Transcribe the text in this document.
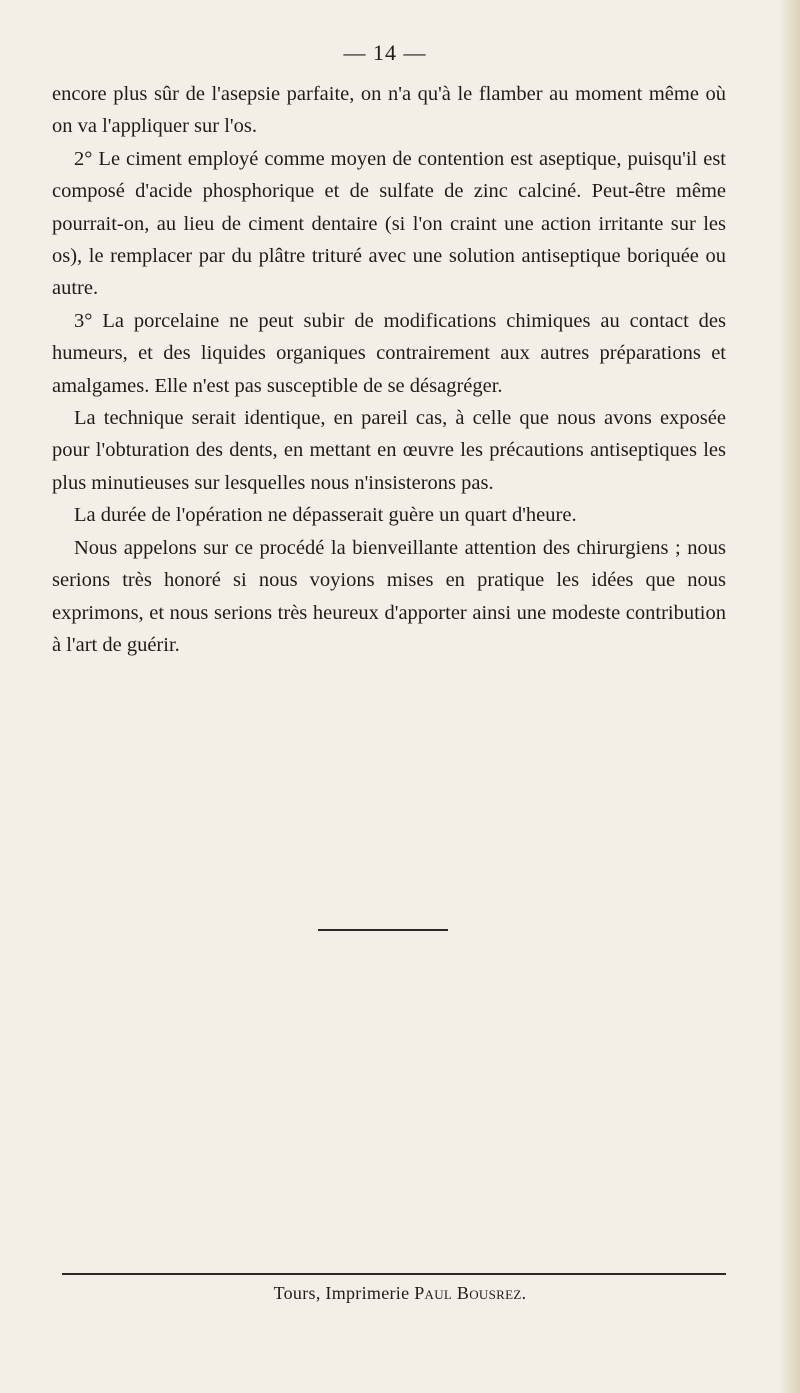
— 14 —

encore plus sûr de l'asepsie parfaite, on n'a qu'à le flamber au moment même où on va l'appliquer sur l'os.

2° Le ciment employé comme moyen de contention est aseptique, puisqu'il est composé d'acide phosphorique et de sulfate de zinc calciné. Peut-être même pourrait-on, au lieu de ciment dentaire (si l'on craint une action irritante sur les os), le remplacer par du plâtre trituré avec une solution antiseptique boriquée ou autre.

3° La porcelaine ne peut subir de modifications chimiques au contact des humeurs, et des liquides organiques contrairement aux autres préparations et amalgames. Elle n'est pas susceptible de se désagréger.

La technique serait identique, en pareil cas, à celle que nous avons exposée pour l'obturation des dents, en mettant en œuvre les précautions antiseptiques les plus minutieuses sur lesquelles nous n'insisterons pas.

La durée de l'opération ne dépasserait guère un quart d'heure.

Nous appelons sur ce procédé la bienveillante attention des chirurgiens ; nous serions très honoré si nous voyions mises en pratique les idées que nous exprimons, et nous serions très heureux d'apporter ainsi une modeste contribution à l'art de guérir.

Tours, Imprimerie Paul Bousrez.
